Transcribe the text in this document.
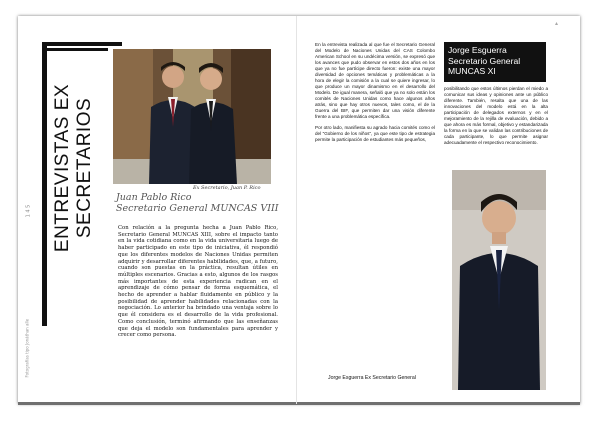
▴
1 4 5
Fotografías tipo Jonáthan alle
ENTREVISTAS EX SECRETARIOS	Ex Secretario, Juan P. Rico
Juan Pablo Rico
Secretario General MUNCAS VIII
Con relación a la pregunta hecha a Juan Pablo Rico, Secretario General MUNCAS XIII, sobre el impacto tanto en la vida cotidiana como en la vida universitaria luego de haber participado en este tipo de iniciativa, él respondió que los diferentes modelos de Naciones Unidas permiten adquirir y desarrollar diferentes habilidades, que, a futuro, cuando son puestas en la práctica, resultan útiles en múltiples escenarios. Gracias a esto, algunos de los rasgos más importantes de esta experiencia radican en el aprendizaje de cómo pensar de forma esquemática, el hecho de aprender a hablar fluidamente en público y la posibilidad de aprender habilidades relacionadas con la negociación. Lo anterior ha brindado una ventaja sobre lo que él considera es el desarrollo de la vida profesional. Como conclusión, terminó afirmando que las enseñanzas que deja el modelo son fundamentales para aprender y crecer como persona.

En la entrevista realizada al que fue el Secretario General del Modelo de Naciones Unidas del CAS Colombo American School en su undécima versión, se expresó que los avances que pudo observar en estos dos años en los que ya no fue partícipe directo fueron: existe una mayor diversidad de opciones temáticas y problemáticas a la hora de elegir la comisión a la cual se quiere ingresar, lo que produce un mayor dinamismo en el desarrollo del Modelo. De igual manera, señaló que ya no solo están los comités de Naciones Unidas como hace algunos años atrás, sino que hay otros nuevos, tales como, el de la Guerra del BIF, que permiten dar una visión diferente frente a una problemática específica.

Por otro lado, manifiesta su agrado hacia comités como el del "Gobierno de los niños", ya que este tipo de estrategia permite la participación de estudiantes más pequeños,

Jorge Esguerra
Secretario General
MUNCAS XI
posibilitando que estos últimos pierdan el miedo a comunicar sus ideas y opiniones ante un público diferente. También, resalta que una de las innovaciones del modelo está en la alta participación de delegados externos y en el mejoramiento de la rejilla de evaluación, debido a que ahora es más formal, objetivo y estandarizada la forma en la que se validan las contribuciones de cada participante, lo que permite asignar adecuadamente el respectivo reconocimiento.
Jorge Esguerra Ex Secretario General
